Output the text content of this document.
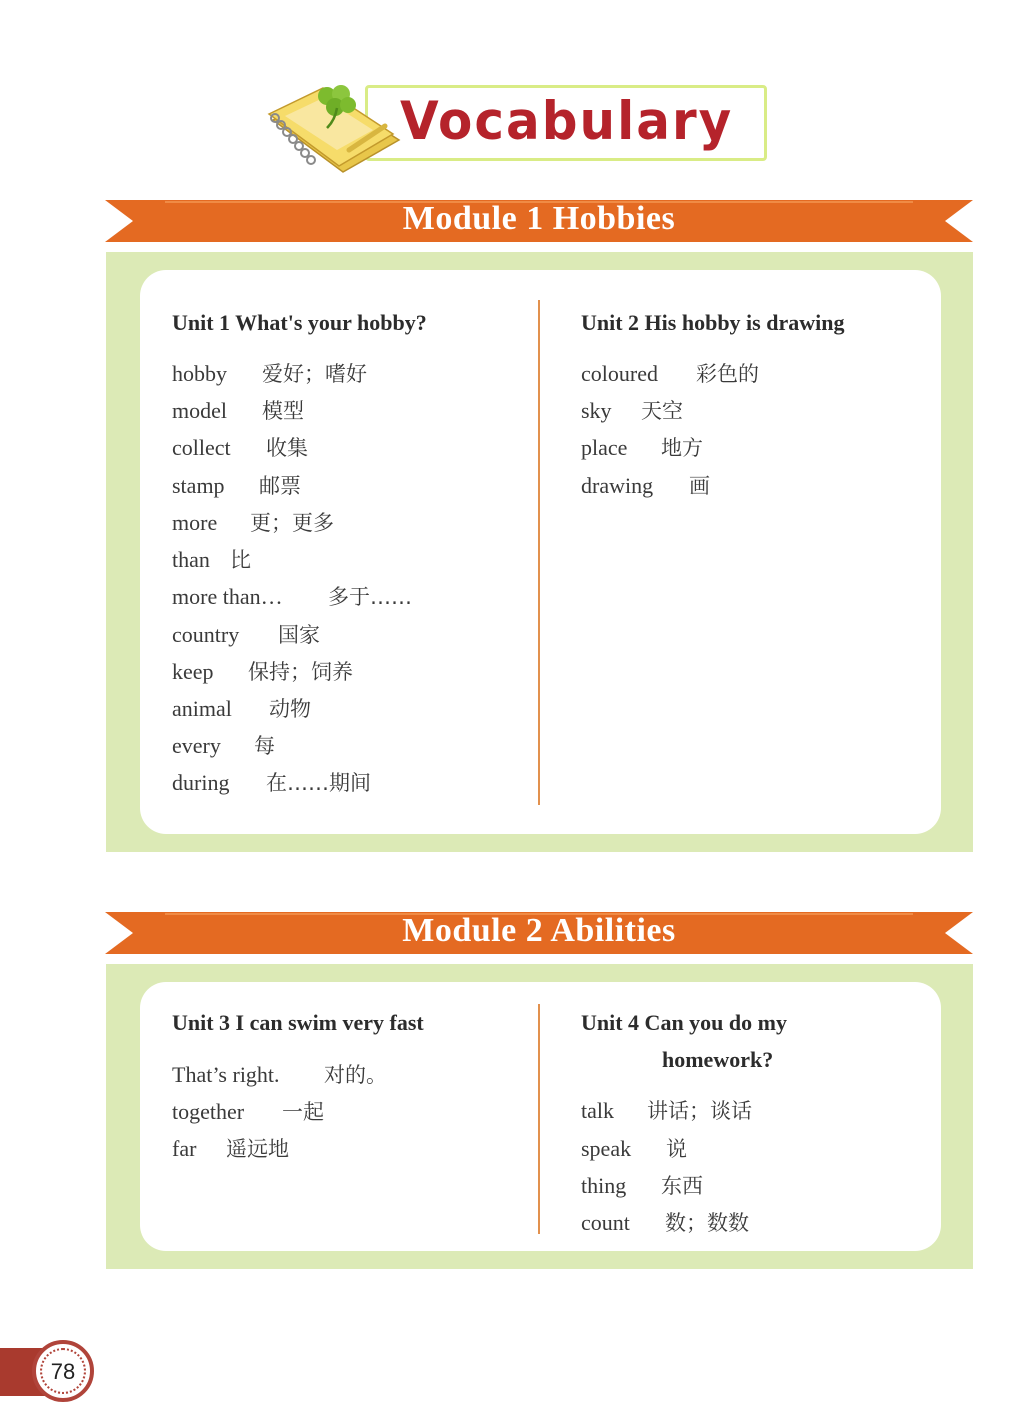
Vocabulary
Module 1 Hobbies
Unit 1 What's your hobby?
hobby 爱好；嗜好
model 模型
collect 收集
stamp 邮票
more 更；更多
than 比
more than… 多于……
country 国家
keep 保持；饲养
animal 动物
every 每
during 在……期间
Unit 2 His hobby is drawing
coloured 彩色的
sky 天空
place 地方
drawing 画
Module 2 Abilities
Unit 3 I can swim very fast
That’s right. 对的。
together 一起
far 遥远地
Unit 4 Can you do my
homework?
talk 讲话；谈话
speak 说
thing 东西
count 数；数数
78
